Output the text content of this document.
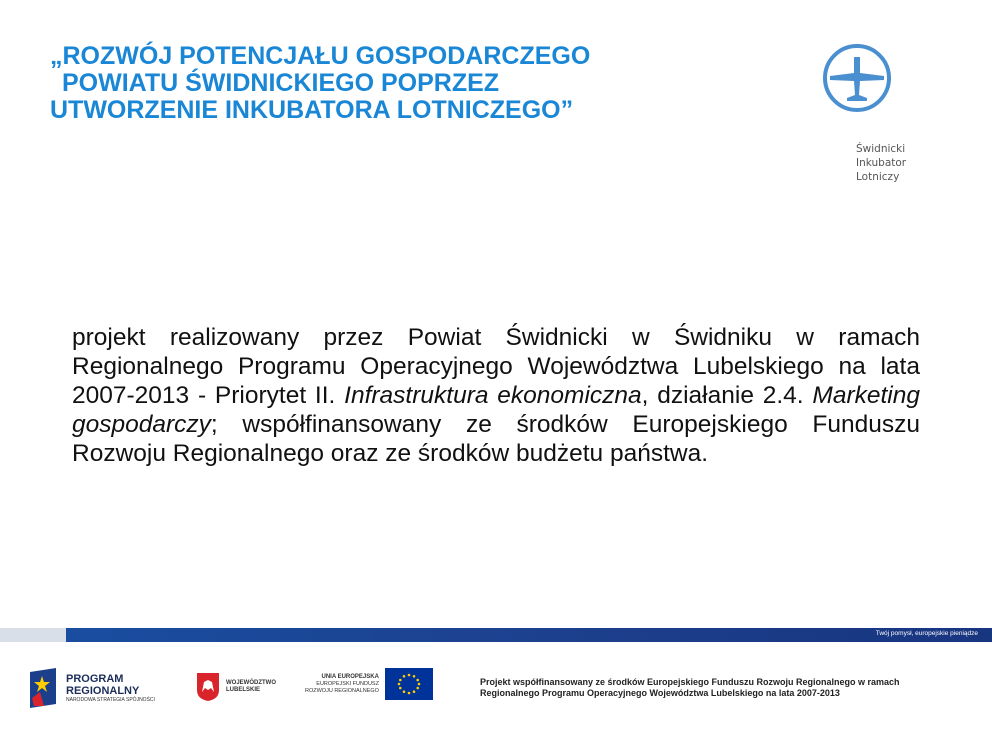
„ROZWÓJ POTENCJAŁU GOSPODARCZEGO
POWIATU ŚWIDNICKIEGO POPRZEZ
UTWORZENIE INKUBATORA LOTNICZEGO”
Świdnicki
Inkubator
Lotniczy
projekt realizowany przez Powiat Świdnicki w Świdniku w ramach Regionalnego Programu Operacyjnego Województwa Lubelskiego na lata 2007-2013 - Priorytet II. Infrastruktura ekonomiczna, działanie 2.4. Marketing gospodarczy; współfinansowany ze środków Europejskiego Funduszu Rozwoju Regionalnego oraz ze środków budżetu państwa.
Twój pomysł, europejskie pieniądze
PROGRAM
REGIONALNY
NARODOWA STRATEGIA SPÓJNOŚCI
WOJEWÓDZTWO
LUBELSKIE
UNIA EUROPEJSKA
EUROPEJSKI FUNDUSZ
ROZWOJU REGIONALNEGO
Projekt współfinansowany ze środków Europejskiego Funduszu Rozwoju Regionalnego w ramach
Regionalnego Programu Operacyjnego Województwa Lubelskiego na lata 2007-2013
